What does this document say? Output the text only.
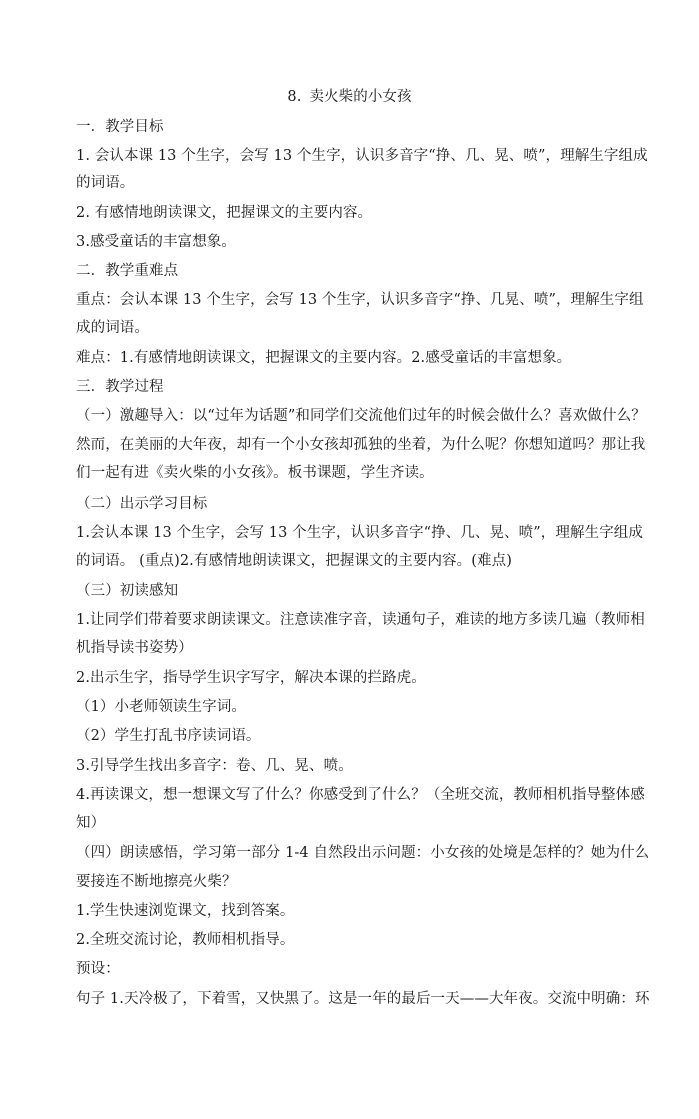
8. 卖火柴的小女孩
一．教学目标
1. 会认本课 13 个生字，会写 13 个生字，认识多音字“挣、几、晃、喷”，理解生字组成
的词语。
2. 有感情地朗读课文，把握课文的主要内容。
3.感受童话的丰富想象。
二．教学重难点
重点：会认本课 13 个生字，会写 13 个生字，认识多音字“挣、几晃、喷”，理解生字组
成的词语。
难点：1.有感情地朗读课文，把握课文的主要内容。2.感受童话的丰富想象。
三．教学过程
（一）激趣导入：以“过年为话题”和同学们交流他们过年的时候会做什么？喜欢做什么？
然而，在美丽的大年夜，却有一个小女孩却孤独的坐着，为什么呢？你想知道吗？那让我
们一起有进《卖火柴的小女孩》。板书课题，学生齐读。
（二）出示学习目标
1.会认本课 13 个生字，会写 13 个生字，认识多音字“挣、几、晃、喷”，理解生字组成
的词语。 (重点)2.有感情地朗读课文，把握课文的主要内容。(难点)
（三）初读感知
1.让同学们带着要求朗读课文。注意读准字音，读通句子，难读的地方多读几遍（教师相
机指导读书姿势）
2.出示生字，指导学生识字写字，解决本课的拦路虎。
（1）小老师领读生字词。
（2）学生打乱书序读词语。
3.引导学生找出多音字：卷、几、晃、喷。
4.再读课文，想一想课文写了什么？你感受到了什么？（全班交流，教师相机指导整体感
知）
（四）朗读感悟，学习第一部分 1-4 自然段出示问题：小女孩的处境是怎样的？她为什么
要接连不断地擦亮火柴？
1.学生快速浏览课文，找到答案。
2.全班交流讨论，教师相机指导。
预设：
句子 1.天冷极了，下着雪，又快黑了。这是一年的最后一天——大年夜。交流中明确：环
